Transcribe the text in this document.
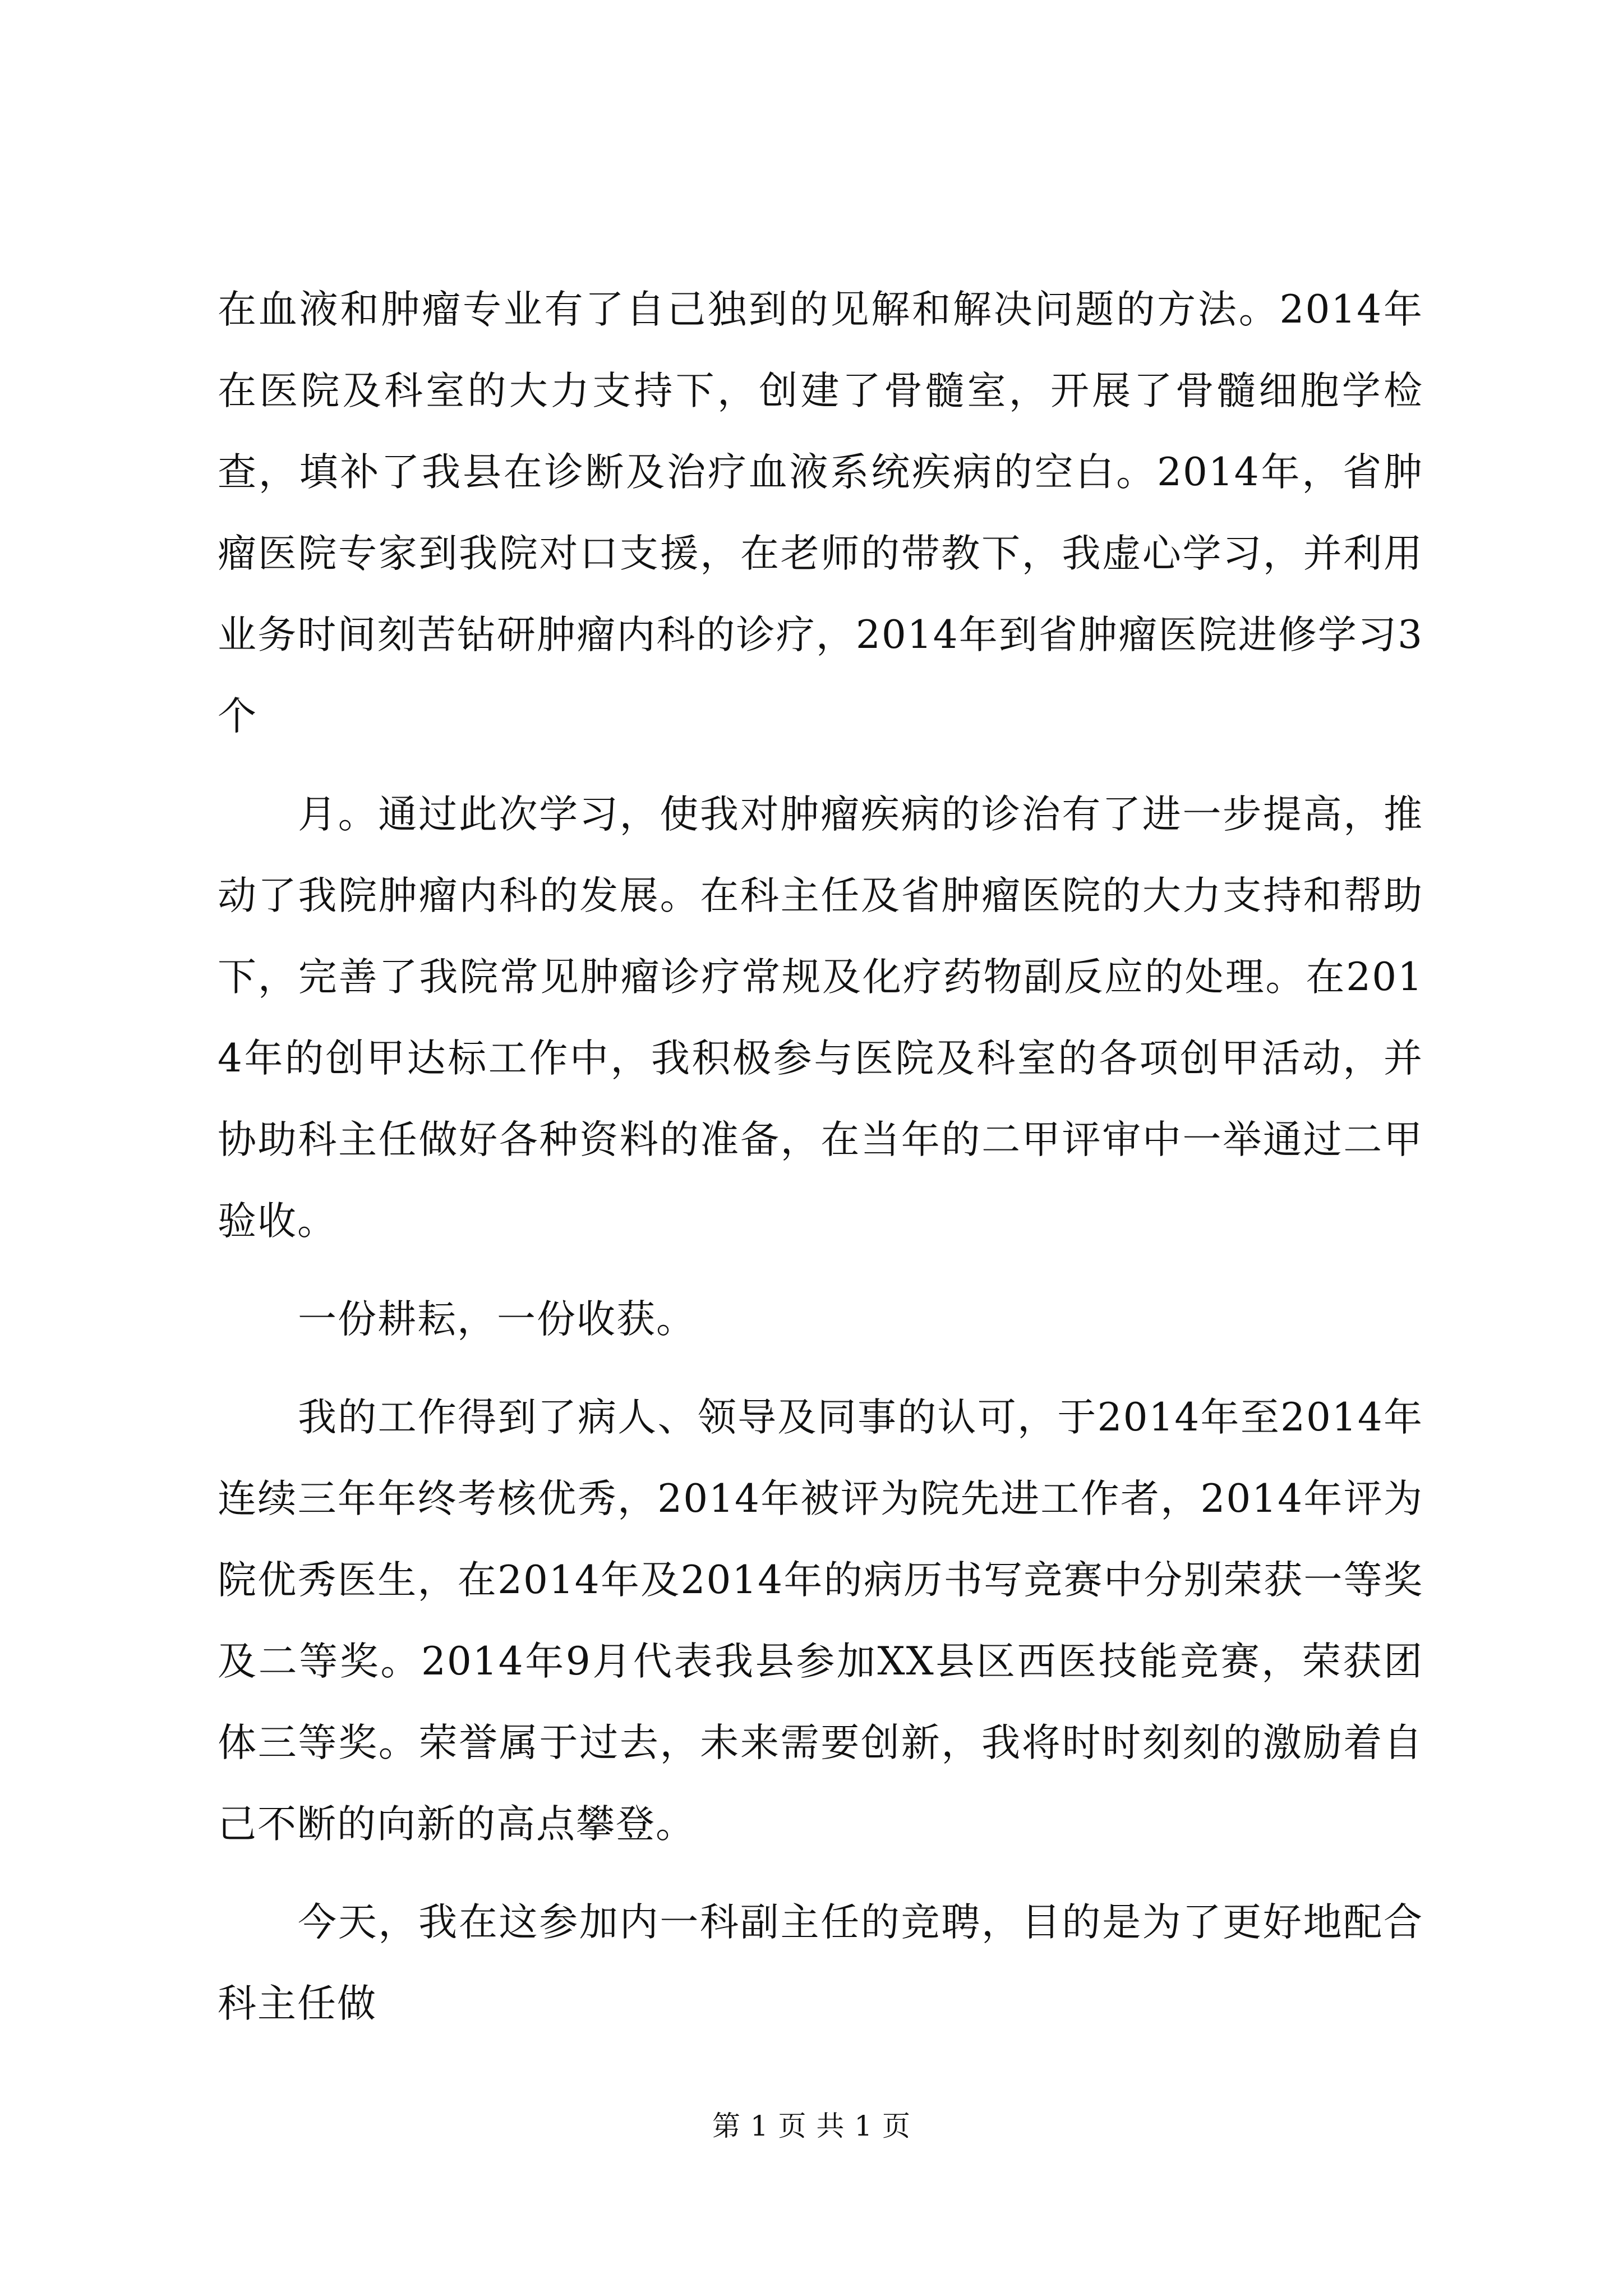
在血液和肿瘤专业有了自己独到的见解和解决问题的方法。2014年在医院及科室的大力支持下，创建了骨髓室，开展了骨髓细胞学检查，填补了我县在诊断及治疗血液系统疾病的空白。2014年，省肿瘤医院专家到我院对口支援，在老师的带教下，我虚心学习，并利用业务时间刻苦钻研肿瘤内科的诊疗，2014年到省肿瘤医院进修学习3个

月。通过此次学习，使我对肿瘤疾病的诊治有了进一步提高，推动了我院肿瘤内科的发展。在科主任及省肿瘤医院的大力支持和帮助下，完善了我院常见肿瘤诊疗常规及化疗药物副反应的处理。在2014年的创甲达标工作中，我积极参与医院及科室的各项创甲活动，并协助科主任做好各种资料的准备，在当年的二甲评审中一举通过二甲验收。

一份耕耘，一份收获。

我的工作得到了病人、领导及同事的认可，于2014年至2014年连续三年年终考核优秀，2014年被评为院先进工作者，2014年评为院优秀医生，在2014年及2014年的病历书写竞赛中分别荣获一等奖及二等奖。2014年9月代表我县参加XX县区西医技能竞赛，荣获团体三等奖。荣誉属于过去，未来需要创新，我将时时刻刻的激励着自己不断的向新的高点攀登。

今天，我在这参加内一科副主任的竞聘，目的是为了更好地配合科主任做

第 1 页 共 1 页
